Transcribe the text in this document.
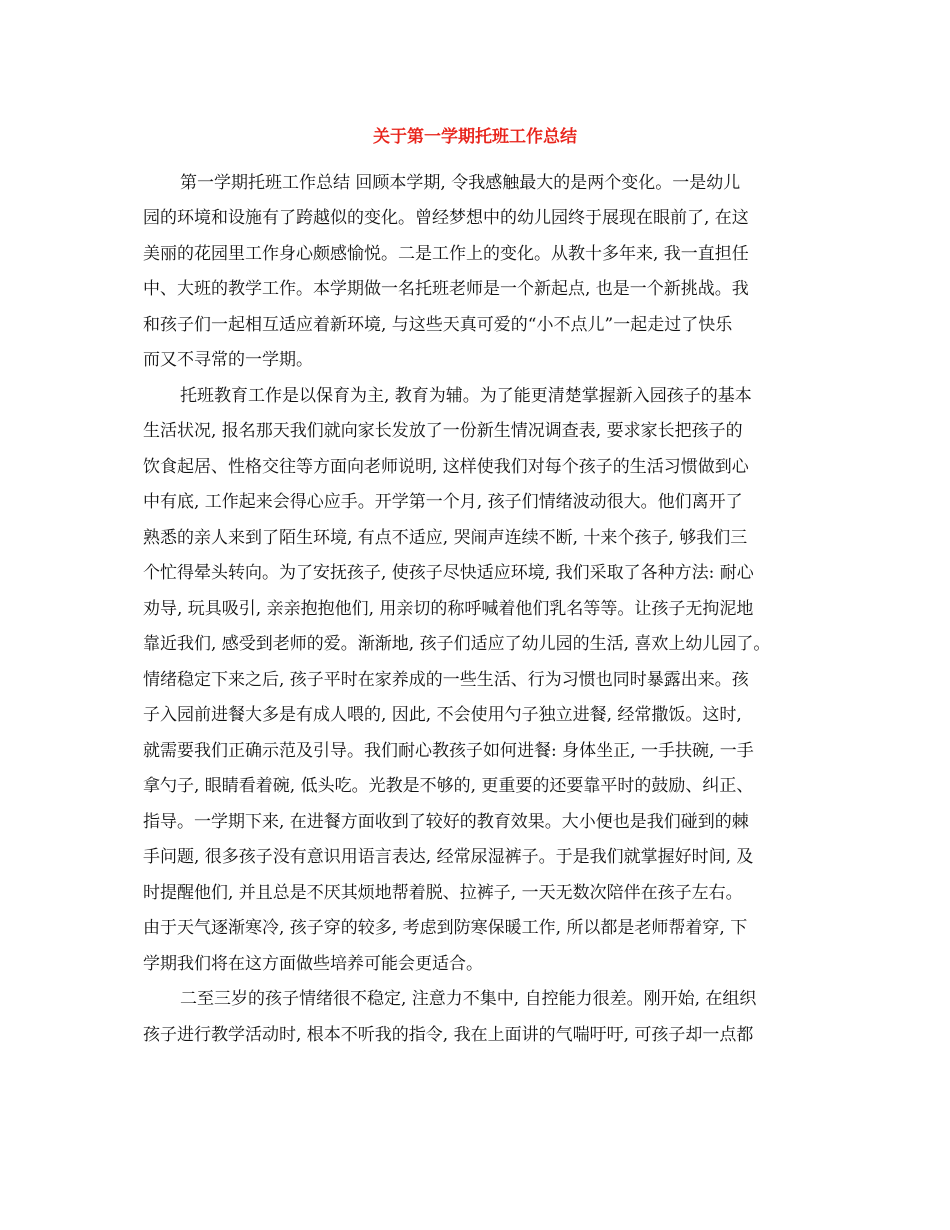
关于第一学期托班工作总结
第一学期托班工作总结 回顾本学期, 令我感触最大的是两个变化。一是幼儿
园的环境和设施有了跨越似的变化。曾经梦想中的幼儿园终于展现在眼前了, 在这
美丽的花园里工作身心颇感愉悦。二是工作上的变化。从教十多年来, 我一直担任
中、大班的教学工作。本学期做一名托班老师是一个新起点, 也是一个新挑战。我
和孩子们一起相互适应着新环境, 与这些天真可爱的“小不点儿”一起走过了快乐
而又不寻常的一学期。
托班教育工作是以保育为主, 教育为辅。为了能更清楚掌握新入园孩子的基本
生活状况, 报名那天我们就向家长发放了一份新生情况调查表, 要求家长把孩子的
饮食起居、性格交往等方面向老师说明, 这样使我们对每个孩子的生活习惯做到心
中有底, 工作起来会得心应手。开学第一个月, 孩子们情绪波动很大。他们离开了
熟悉的亲人来到了陌生环境, 有点不适应, 哭闹声连续不断, 十来个孩子, 够我们三
个忙得晕头转向。为了安抚孩子, 使孩子尽快适应环境, 我们采取了各种方法: 耐心
劝导, 玩具吸引, 亲亲抱抱他们, 用亲切的称呼喊着他们乳名等等。让孩子无拘泥地
靠近我们, 感受到老师的爱。渐渐地, 孩子们适应了幼儿园的生活, 喜欢上幼儿园了。
情绪稳定下来之后, 孩子平时在家养成的一些生活、行为习惯也同时暴露出来。孩
子入园前进餐大多是有成人喂的, 因此, 不会使用勺子独立进餐, 经常撒饭。这时,
就需要我们正确示范及引导。我们耐心教孩子如何进餐: 身体坐正, 一手扶碗, 一手
拿勺子, 眼睛看着碗, 低头吃。光教是不够的, 更重要的还要靠平时的鼓励、纠正、
指导。一学期下来, 在进餐方面收到了较好的教育效果。大小便也是我们碰到的棘
手问题, 很多孩子没有意识用语言表达, 经常尿湿裤子。于是我们就掌握好时间, 及
时提醒他们, 并且总是不厌其烦地帮着脱、拉裤子, 一天无数次陪伴在孩子左右。
由于天气逐渐寒冷, 孩子穿的较多, 考虑到防寒保暖工作, 所以都是老师帮着穿, 下
学期我们将在这方面做些培养可能会更适合。
二至三岁的孩子情绪很不稳定, 注意力不集中, 自控能力很差。刚开始, 在组织
孩子进行教学活动时, 根本不听我的指令, 我在上面讲的气喘吁吁, 可孩子却一点都
